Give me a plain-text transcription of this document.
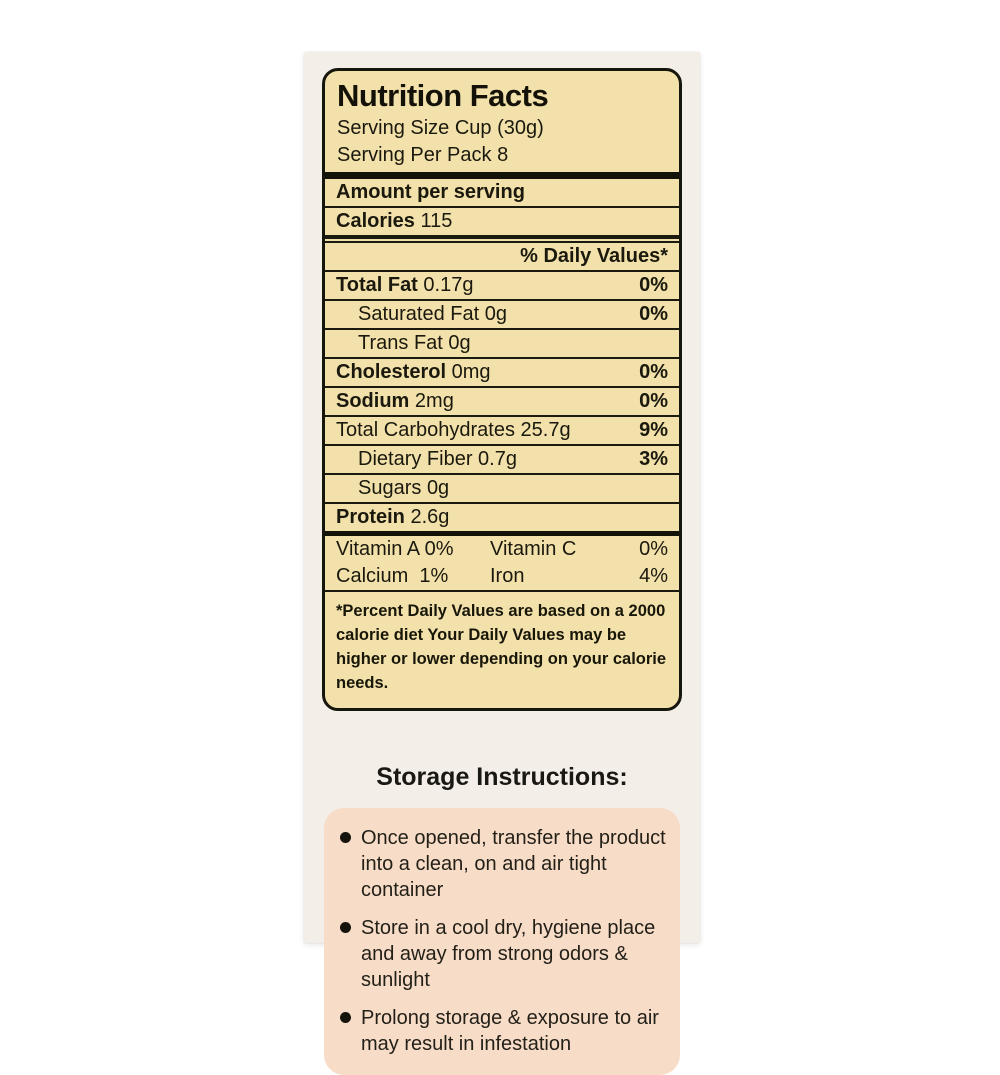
Nutrition Facts
Serving Size Cup (30g)
Serving Per Pack 8
Amount per serving
Calories 115
% Daily Values*
Total Fat 0.17g	0%
Saturated Fat 0g	0%
Trans Fat 0g
Cholesterol 0mg	0%
Sodium 2mg	0%
Total Carbohydrates 25.7g	9%
Dietary Fiber 0.7g	3%
Sugars 0g
Protein 2.6g
Vitamin A 0%	Vitamin C	0%
Calcium  1%	Iron	4%
*Percent Daily Values are based on a 2000 calorie diet Your Daily Values may be higher or lower depending on your calorie needs.
Storage Instructions:
Once opened, transfer the product into a clean, on and air tight container
Store in a cool dry, hygiene place and away from strong odors & sunlight
Prolong storage & exposure to air may result in infestation
